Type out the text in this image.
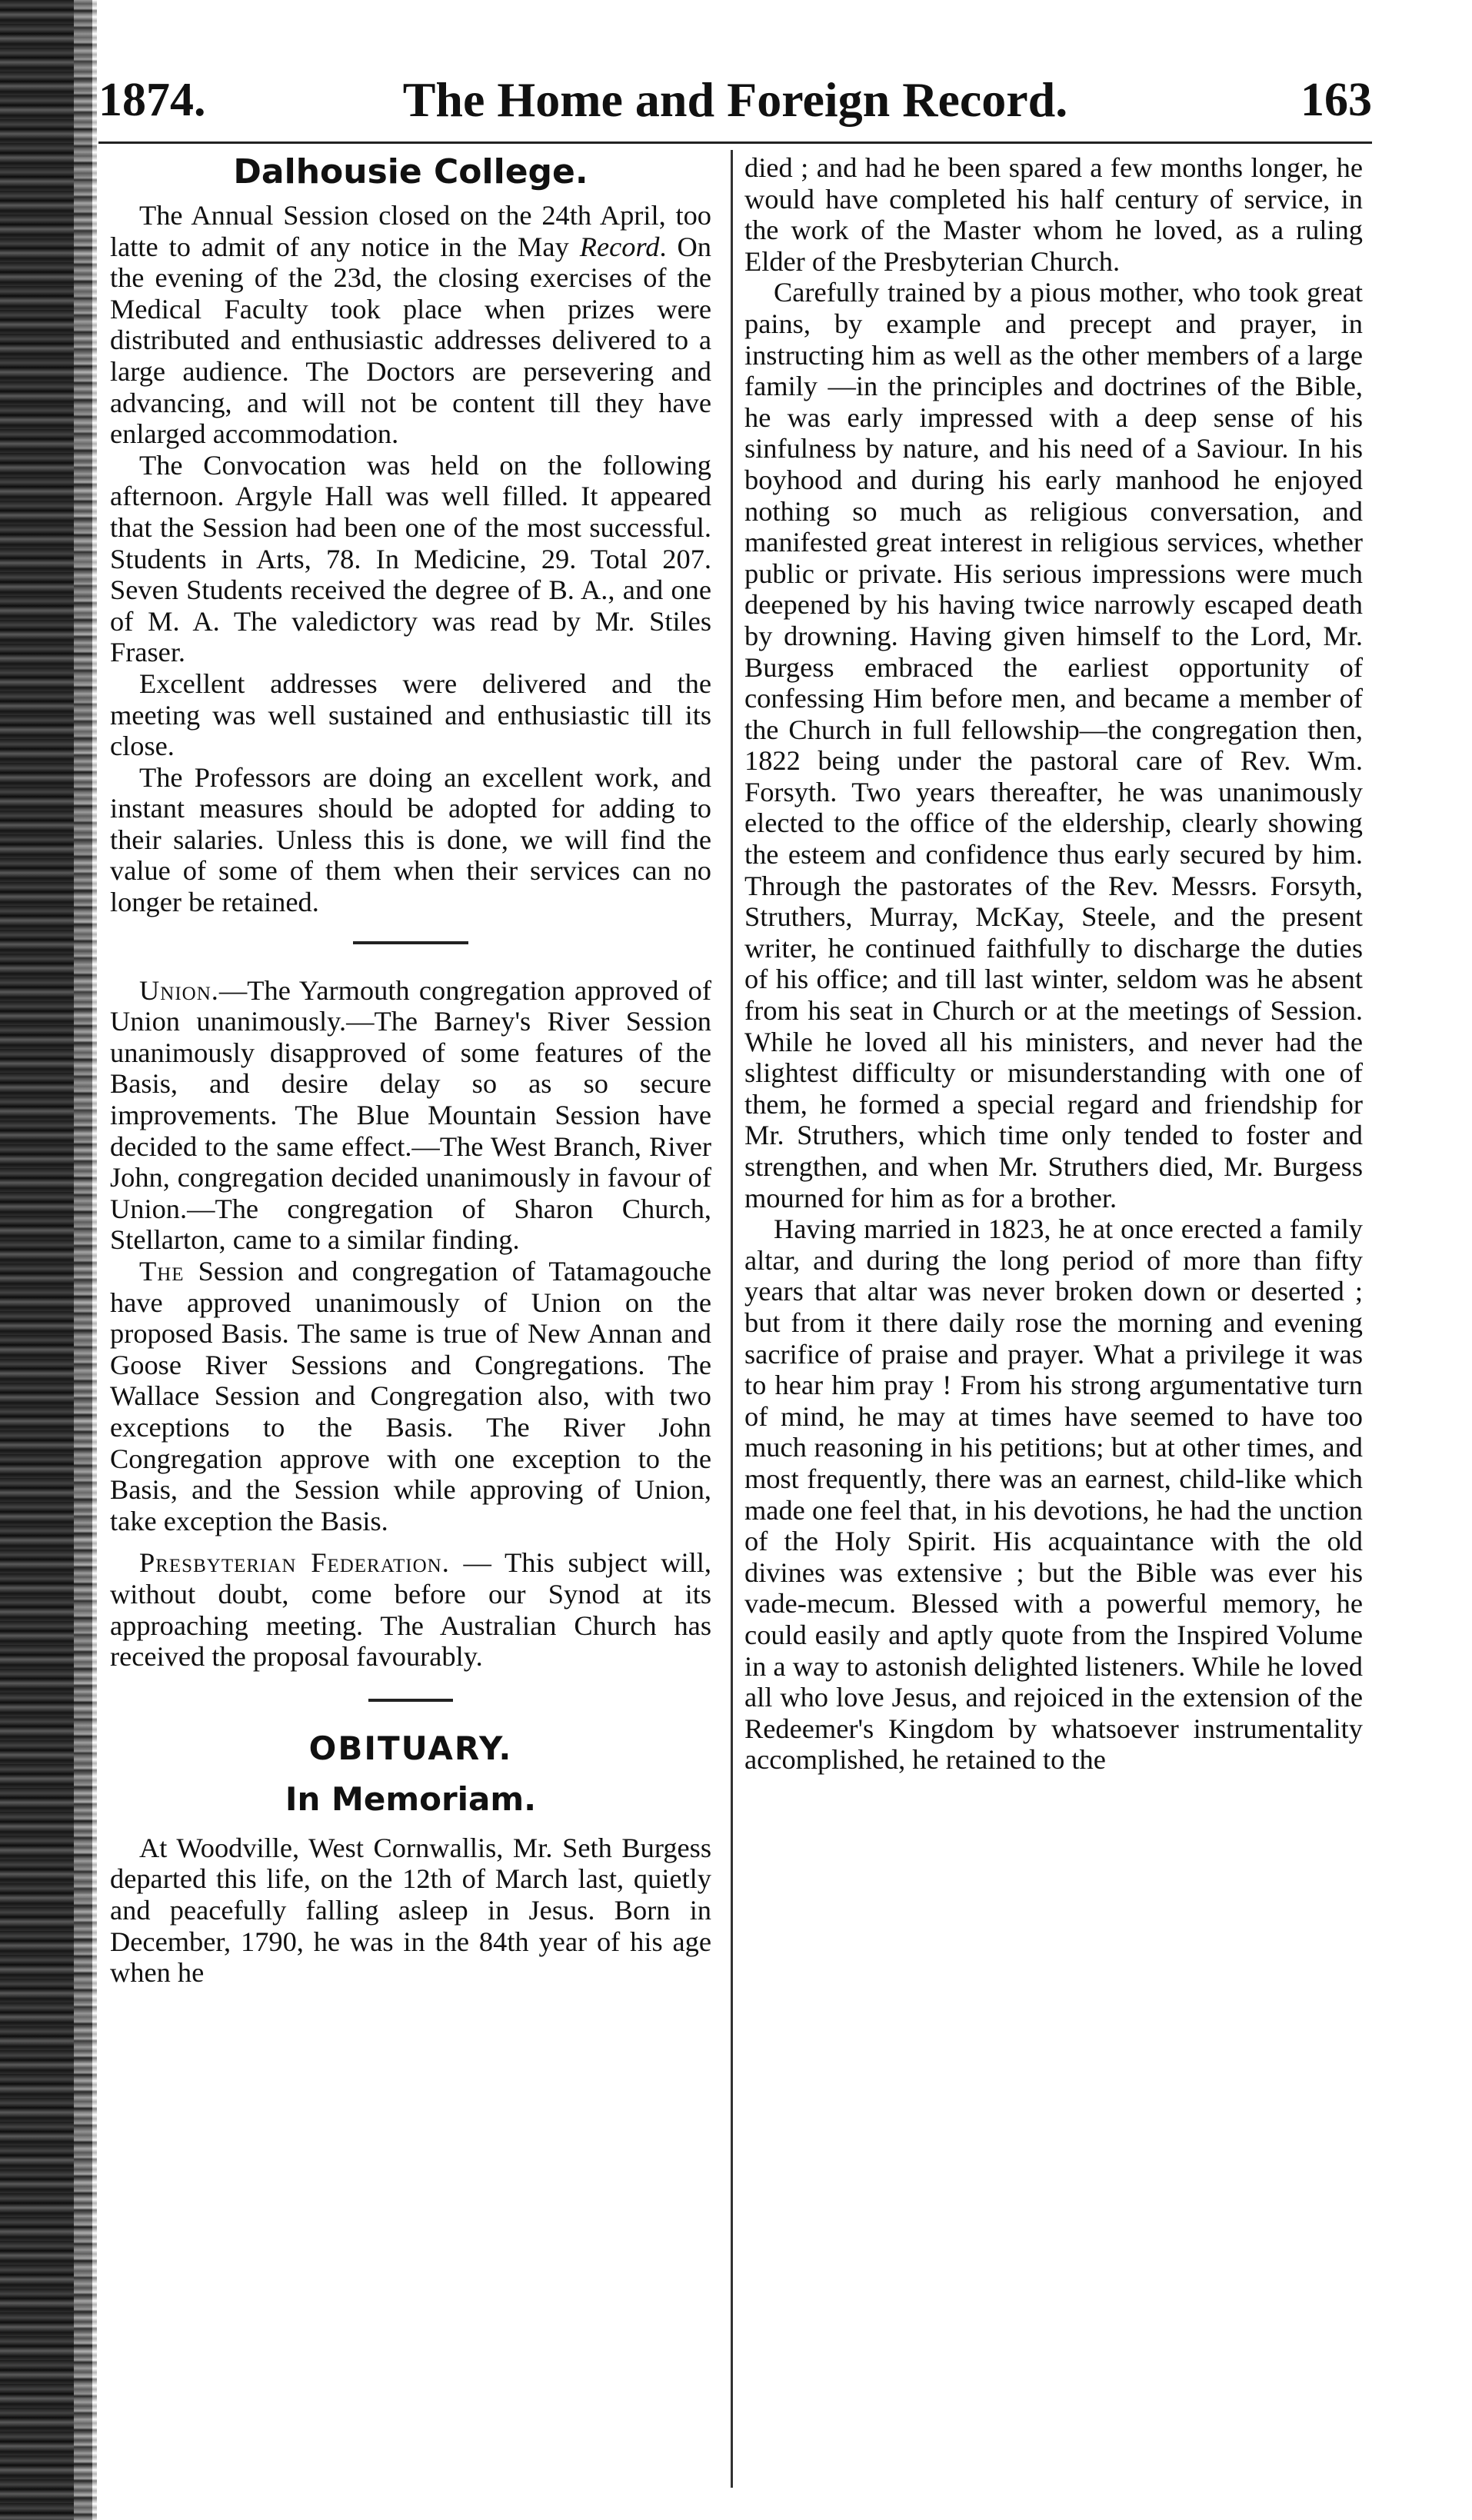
1874.	The Home and Foreign Record.	163
Dalhousie College.

The Annual Session closed on the 24th April, too latte to admit of any notice in the May Record. On the evening of the 23d, the closing exercises of the Medical Faculty took place when prizes were distributed and enthusiastic addresses delivered to a large audience. The Doctors are persevering and advancing, and will not be content till they have enlarged accommodation.

The Convocation was held on the following afternoon. Argyle Hall was well filled. It appeared that the Session had been one of the most successful. Students in Arts, 78. In Medicine, 29. Total 207. Seven Students received the degree of B. A., and one of M. A. The valedictory was read by Mr. Stiles Fraser.

Excellent addresses were delivered and the meeting was well sustained and enthusiastic till its close.

The Professors are doing an excellent work, and instant measures should be adopted for adding to their salaries. Unless this is done, we will find the value of some of them when their services can no longer be retained.

Union.—The Yarmouth congregation approved of Union unanimously.—The Barney's River Session unanimously disapproved of some features of the Basis, and desire delay so as so secure improvements. The Blue Mountain Session have decided to the same effect.—The West Branch, River John, congregation decided unanimously in favour of Union.—The congregation of Sharon Church, Stellarton, came to a similar finding.

The Session and congregation of Tatamagouche have approved unanimously of Union on the proposed Basis. The same is true of New Annan and Goose River Sessions and Congregations. The Wallace Session and Congregation also, with two exceptions to the Basis. The River John Congregation approve with one exception to the Basis, and the Session while approving of Union, take exception the Basis.

Presbyterian Federation. — This subject will, without doubt, come before our Synod at its approaching meeting. The Australian Church has received the proposal favourably.

OBITUARY.
In Memoriam.

At Woodville, West Cornwallis, Mr. Seth Burgess departed this life, on the 12th of March last, quietly and peacefully falling asleep in Jesus. Born in December, 1790, he was in the 84th year of his age when he

died ; and had he been spared a few months longer, he would have completed his half century of service, in the work of the Master whom he loved, as a ruling Elder of the Presbyterian Church.

Carefully trained by a pious mother, who took great pains, by example and precept and prayer, in instructing him as well as the other members of a large family —in the principles and doctrines of the Bible, he was early impressed with a deep sense of his sinfulness by nature, and his need of a Saviour. In his boyhood and during his early manhood he enjoyed nothing so much as religious conversation, and manifested great interest in religious services, whether public or private. His serious impressions were much deepened by his having twice narrowly escaped death by drowning. Having given himself to the Lord, Mr. Burgess embraced the earliest opportunity of confessing Him before men, and became a member of the Church in full fellowship—the congregation then, 1822 being under the pastoral care of Rev. Wm. Forsyth. Two years thereafter, he was unanimously elected to the office of the eldership, clearly showing the esteem and confidence thus early secured by him. Through the pastorates of the Rev. Messrs. Forsyth, Struthers, Murray, McKay, Steele, and the present writer, he continued faithfully to discharge the duties of his office; and till last winter, seldom was he absent from his seat in Church or at the meetings of Session. While he loved all his ministers, and never had the slightest difficulty or misunderstanding with one of them, he formed a special regard and friendship for Mr. Struthers, which time only tended to foster and strengthen, and when Mr. Struthers died, Mr. Burgess mourned for him as for a brother.

Having married in 1823, he at once erected a family altar, and during the long period of more than fifty years that altar was never broken down or deserted ; but from it there daily rose the morning and evening sacrifice of praise and prayer. What a privilege it was to hear him pray ! From his strong argumentative turn of mind, he may at times have seemed to have too much reasoning in his petitions; but at other times, and most frequently, there was an earnest, child-like which made one feel that, in his devotions, he had the unction of the Holy Spirit. His acquaintance with the old divines was extensive ; but the Bible was ever his vade-mecum. Blessed with a powerful memory, he could easily and aptly quote from the Inspired Volume in a way to astonish delighted listeners. While he loved all who love Jesus, and rejoiced in the extension of the Redeemer's Kingdom by whatsoever instrumentality accomplished, he retained to the
